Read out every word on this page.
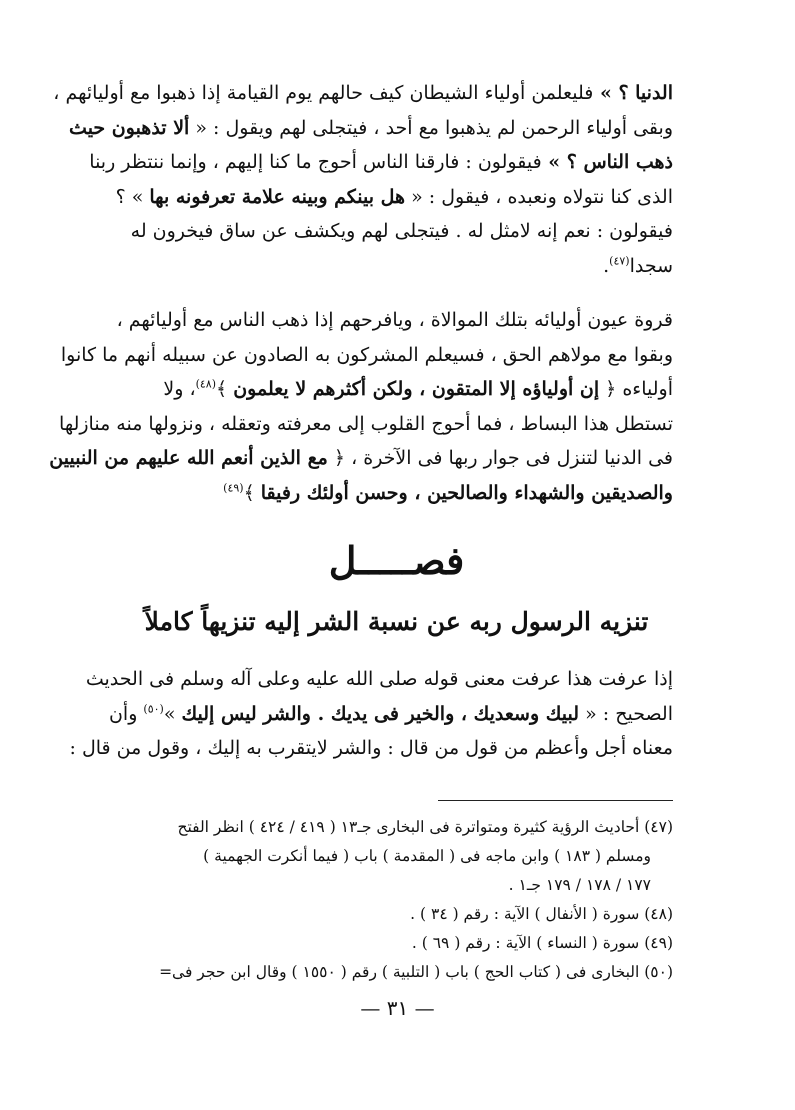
الدنيا ؟ » فليعلمن أولياء الشيطان كيف حالهم يوم القيامة إذا ذهبوا مع أوليائهم ،
وبقى أولياء الرحمن لم يذهبوا مع أحد ، فيتجلى لهم ويقول : « ألا تذهبون حيث
ذهب الناس ؟ » فيقولون : فارقنا الناس أحوج ما كنا إليهم ، وإنما ننتظر ربنا
الذى كنا نتولاه ونعبده ، فيقول : « هل بينكم وبينه علامة تعرفونه بها » ؟
فيقولون : نعم إنه لامثل له . فيتجلى لهم ويكشف عن ساق فيخرون له
سجدا$^{(٤٧)}$.

قروة عيون أوليائه بتلك الموالاة ، ويافرحهم إذا ذهب الناس مع أوليائهم ،
وبقوا مع مولاهم الحق ، فسيعلم المشركون به الصادون عن سبيله أنهم ما كانوا
أولياءه ﴿ إن أولياؤه إلا المتقون ، ولكن أكثرهم لا يعلمون ﴾$^{(٤٨)}$، ولا
تستطل هذا البساط ، فما أحوج القلوب إلى معرفته وتعقله ، ونزولها منه منازلها
فى الدنيا لتنزل فى جوار ربها فى الآخرة ، ﴿ مع الذين أنعم الله عليهم من النبيين
والصديقين والشهداء والصالحين ، وحسن أولئك رفيقا ﴾$^{(٤٩)}$

فصـــــل
تنزيه الرسول ربه عن نسبة الشر إليه تنزيهاً كاملاً

إذا عرفت هذا عرفت معنى قوله صلى الله عليه وعلى آله وسلم فى الحديث
الصحيح : « لبيك وسعديك ، والخير فى يديك . والشر ليس إليك »$^{(٥٠)}$ وأن
معناه أجل وأعظم من قول من قال : والشر لايتقرب به إليك ، وقول من قال :

(٤٧) أحاديث الرؤية كثيرة ومتواترة فى البخارى جـ١٣ ( ٤١٩ / ٤٢٤ ) انظر الفتح
ومسلم ( ١٨٣ ) وابن ماجه فى ( المقدمة ) باب ( فيما أنكرت الجهمية )
١٧٧ / ١٧٨ / ١٧٩ جـ١ .
(٤٨) سورة ( الأنفال ) الآية : رقم ( ٣٤ ) .
(٤٩) سورة ( النساء ) الآية : رقم ( ٦٩ ) .
(٥٠) البخارى فى ( كتاب الحج ) باب ( التلبية ) رقم ( ١٥٥٠ ) وقال ابن حجر فى=
— ٣١ —
